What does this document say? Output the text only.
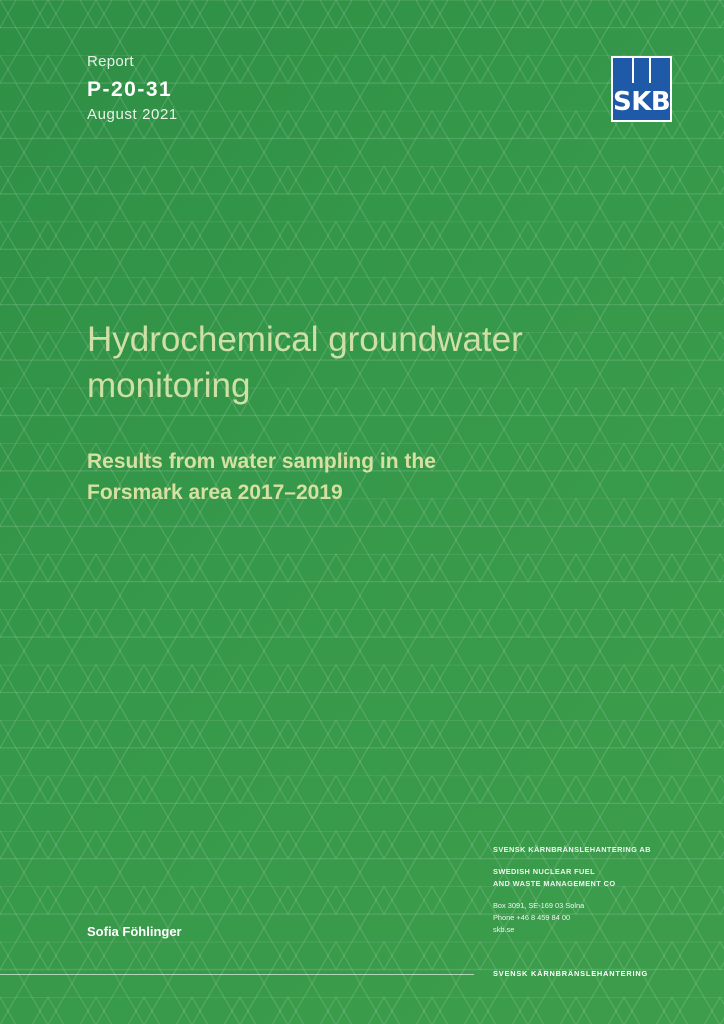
Report
P-20-31
August 2021	SKB
Hydrochemical groundwater
monitoring
Results from water sampling in the
Forsmark area 2017–2019
Sofia Föhlinger
SVENSK KÄRNBRÄNSLEHANTERING AB
SWEDISH NUCLEAR FUEL
AND WASTE MANAGEMENT CO
Box 3091, SE-169 03 Solna
Phone +46 8 459 84 00
skb.se
SVENSK KÄRNBRÄNSLEHANTERING
